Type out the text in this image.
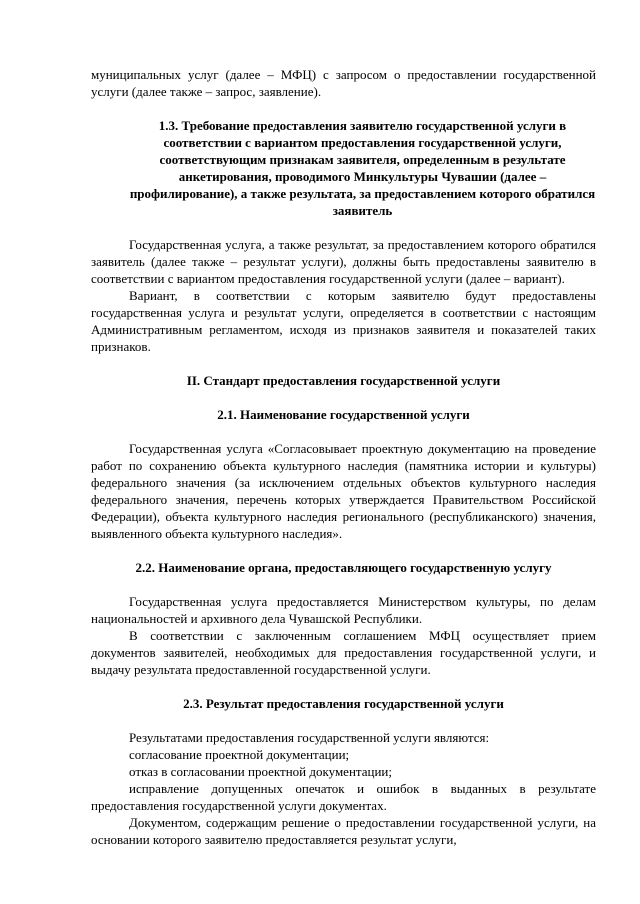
муниципальных услуг (далее – МФЦ) с запросом о предоставлении государственной услуги (далее также – запрос, заявление).

1.3. Требование предоставления заявителю государственной услуги в соответствии с вариантом предоставления государственной услуги, соответствующим признакам заявителя, определенным в результате анкетирования, проводимого Минкультуры Чувашии (далее – профилирование), а также результата, за предоставлением которого обратился заявитель

Государственная услуга, а также результат, за предоставлением которого обратился заявитель (далее также – результат услуги), должны быть предоставлены заявителю в соответствии с вариантом предоставления государственной услуги (далее – вариант).

Вариант, в соответствии с которым заявителю будут предоставлены государственная услуга и результат услуги, определяется в соответствии с настоящим Административным регламентом, исходя из признаков заявителя и показателей таких признаков.

II. Стандарт предоставления государственной услуги
2.1. Наименование государственной услуги

Государственная услуга «Согласовывает проектную документацию на проведение работ по сохранению объекта культурного наследия (памятника истории и культуры) федерального значения (за исключением отдельных объектов культурного наследия федерального значения, перечень которых утверждается Правительством Российской Федерации), объекта культурного наследия регионального (республиканского) значения, выявленного объекта культурного наследия».

2.2. Наименование органа, предоставляющего государственную услугу

Государственная услуга предоставляется Министерством культуры, по делам национальностей и архивного дела Чувашской Республики.

В соответствии с заключенным соглашением МФЦ осуществляет прием документов заявителей, необходимых для предоставления государственной услуги, и выдачу результата предоставленной государственной услуги.

2.3. Результат предоставления государственной услуги

Результатами предоставления государственной услуги являются:

согласование проектной документации;

отказ в согласовании проектной документации;

исправление допущенных опечаток и ошибок в выданных в результате предоставления государственной услуги документах.

Документом, содержащим решение о предоставлении государственной услуги, на основании которого заявителю предоставляется результат услуги,
